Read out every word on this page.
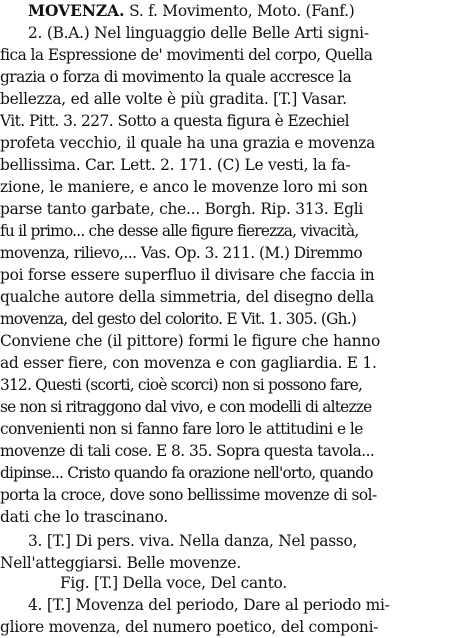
MOVENZA. S. f. Movimento, Moto. (Fanf.)
2. (B.A.) Nel linguaggio delle Belle Arti signi-
fica la Espressione de' movimenti del corpo, Quella
grazia o forza di movimento la quale accresce la
bellezza, ed alle volte è più gradita. [T.] Vasar.
Vit. Pitt. 3. 227. Sotto a questa figura è Ezechiel
profeta vecchio, il quale ha una grazia e movenza
bellissima. Car. Lett. 2. 171. (C) Le vesti, la fa-
zione, le maniere, e anco le movenze loro mi son
parse tanto garbate, che... Borgh. Rip. 313. Egli
fu il primo... che desse alle figure fierezza, vivacità,
movenza, rilievo,... Vas. Op. 3. 211. (M.) Diremmo
poi forse essere superfluo il divisare che faccia in
qualche autore della simmetria, del disegno della
movenza, del gesto del colorito. E Vit. 1. 305. (Gh.)
Conviene che (il pittore) formi le figure che hanno
ad esser fiere, con movenza e con gagliardia. E 1.
312. Questi (scorti, cioè scorci) non si possono fare,
se non si ritraggono dal vivo, e con modelli di altezze
convenienti non si fanno fare loro le attitudini e le
movenze di tali cose. E 8. 35. Sopra questa tavola...
dipinse... Cristo quando fa orazione nell'orto, quando
porta la croce, dove sono bellissime movenze di sol-
dati che lo trascinano.
3. [T.] Di pers. viva. Nella danza, Nel passo,
Nell'atteggiarsi. Belle movenze.
Fig. [T.] Della voce, Del canto.
4. [T.] Movenza del periodo, Dare al periodo mi-
gliore movenza, del numero poetico, del componi-
